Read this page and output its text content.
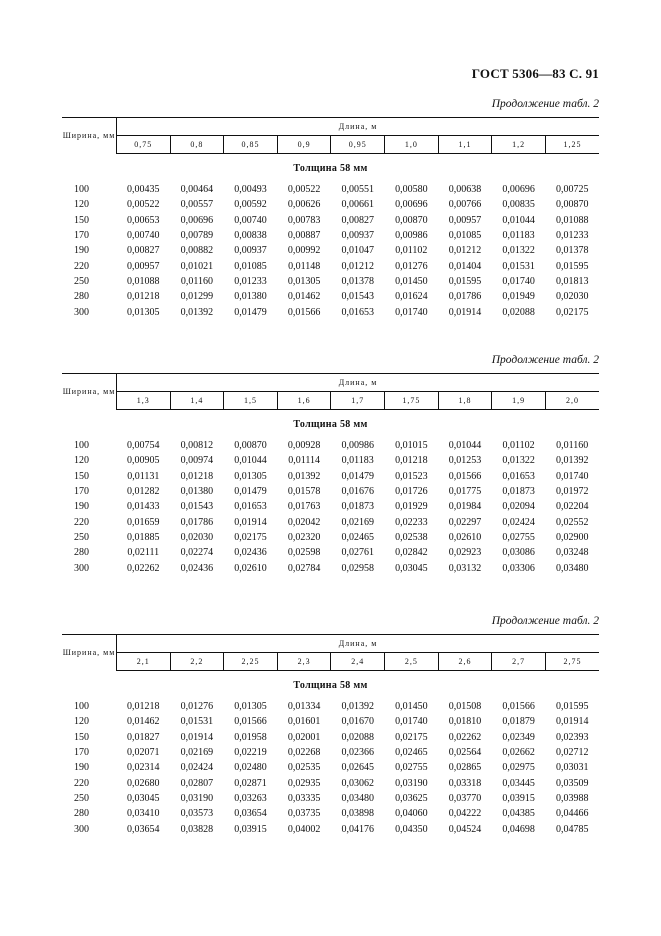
ГОСТ 5306—83 С. 91
Продолжение табл. 2
Ширина, мм	Длина, м								
	0,75	0,8	0,85	0,9	0,95	1,0	1,1	1,2	1,25
Толщина 58 мм									
100	0,00435	0,00464	0,00493	0,00522	0,00551	0,00580	0,00638	0,00696	0,00725
120	0,00522	0,00557	0,00592	0,00626	0,00661	0,00696	0,00766	0,00835	0,00870
150	0,00653	0,00696	0,00740	0,00783	0,00827	0,00870	0,00957	0,01044	0,01088
170	0,00740	0,00789	0,00838	0,00887	0,00937	0,00986	0,01085	0,01183	0,01233
190	0,00827	0,00882	0,00937	0,00992	0,01047	0,01102	0,01212	0,01322	0,01378
220	0,00957	0,01021	0,01085	0,01148	0,01212	0,01276	0,01404	0,01531	0,01595
250	0,01088	0,01160	0,01233	0,01305	0,01378	0,01450	0,01595	0,01740	0,01813
280	0,01218	0,01299	0,01380	0,01462	0,01543	0,01624	0,01786	0,01949	0,02030
300	0,01305	0,01392	0,01479	0,01566	0,01653	0,01740	0,01914	0,02088	0,02175
Продолжение табл. 2
Ширина, мм	Длина, м								
	1,3	1,4	1,5	1,6	1,7	1,75	1,8	1,9	2,0
Толщина 58 мм									
100	0,00754	0,00812	0,00870	0,00928	0,00986	0,01015	0,01044	0,01102	0,01160
120	0,00905	0,00974	0,01044	0,01114	0,01183	0,01218	0,01253	0,01322	0,01392
150	0,01131	0,01218	0,01305	0,01392	0,01479	0,01523	0,01566	0,01653	0,01740
170	0,01282	0,01380	0,01479	0,01578	0,01676	0,01726	0,01775	0,01873	0,01972
190	0,01433	0,01543	0,01653	0,01763	0,01873	0,01929	0,01984	0,02094	0,02204
220	0,01659	0,01786	0,01914	0,02042	0,02169	0,02233	0,02297	0,02424	0,02552
250	0,01885	0,02030	0,02175	0,02320	0,02465	0,02538	0,02610	0,02755	0,02900
280	0,02111	0,02274	0,02436	0,02598	0,02761	0,02842	0,02923	0,03086	0,03248
300	0,02262	0,02436	0,02610	0,02784	0,02958	0,03045	0,03132	0,03306	0,03480
Продолжение табл. 2
Ширина, мм	Длина, м								
	2,1	2,2	2,25	2,3	2,4	2,5	2,6	2,7	2,75
Толщина 58 мм									
100	0,01218	0,01276	0,01305	0,01334	0,01392	0,01450	0,01508	0,01566	0,01595
120	0,01462	0,01531	0,01566	0,01601	0,01670	0,01740	0,01810	0,01879	0,01914
150	0,01827	0,01914	0,01958	0,02001	0,02088	0,02175	0,02262	0,02349	0,02393
170	0,02071	0,02169	0,02219	0,02268	0,02366	0,02465	0,02564	0,02662	0,02712
190	0,02314	0,02424	0,02480	0,02535	0,02645	0,02755	0,02865	0,02975	0,03031
220	0,02680	0,02807	0,02871	0,02935	0,03062	0,03190	0,03318	0,03445	0,03509
250	0,03045	0,03190	0,03263	0,03335	0,03480	0,03625	0,03770	0,03915	0,03988
280	0,03410	0,03573	0,03654	0,03735	0,03898	0,04060	0,04222	0,04385	0,04466
300	0,03654	0,03828	0,03915	0,04002	0,04176	0,04350	0,04524	0,04698	0,04785
